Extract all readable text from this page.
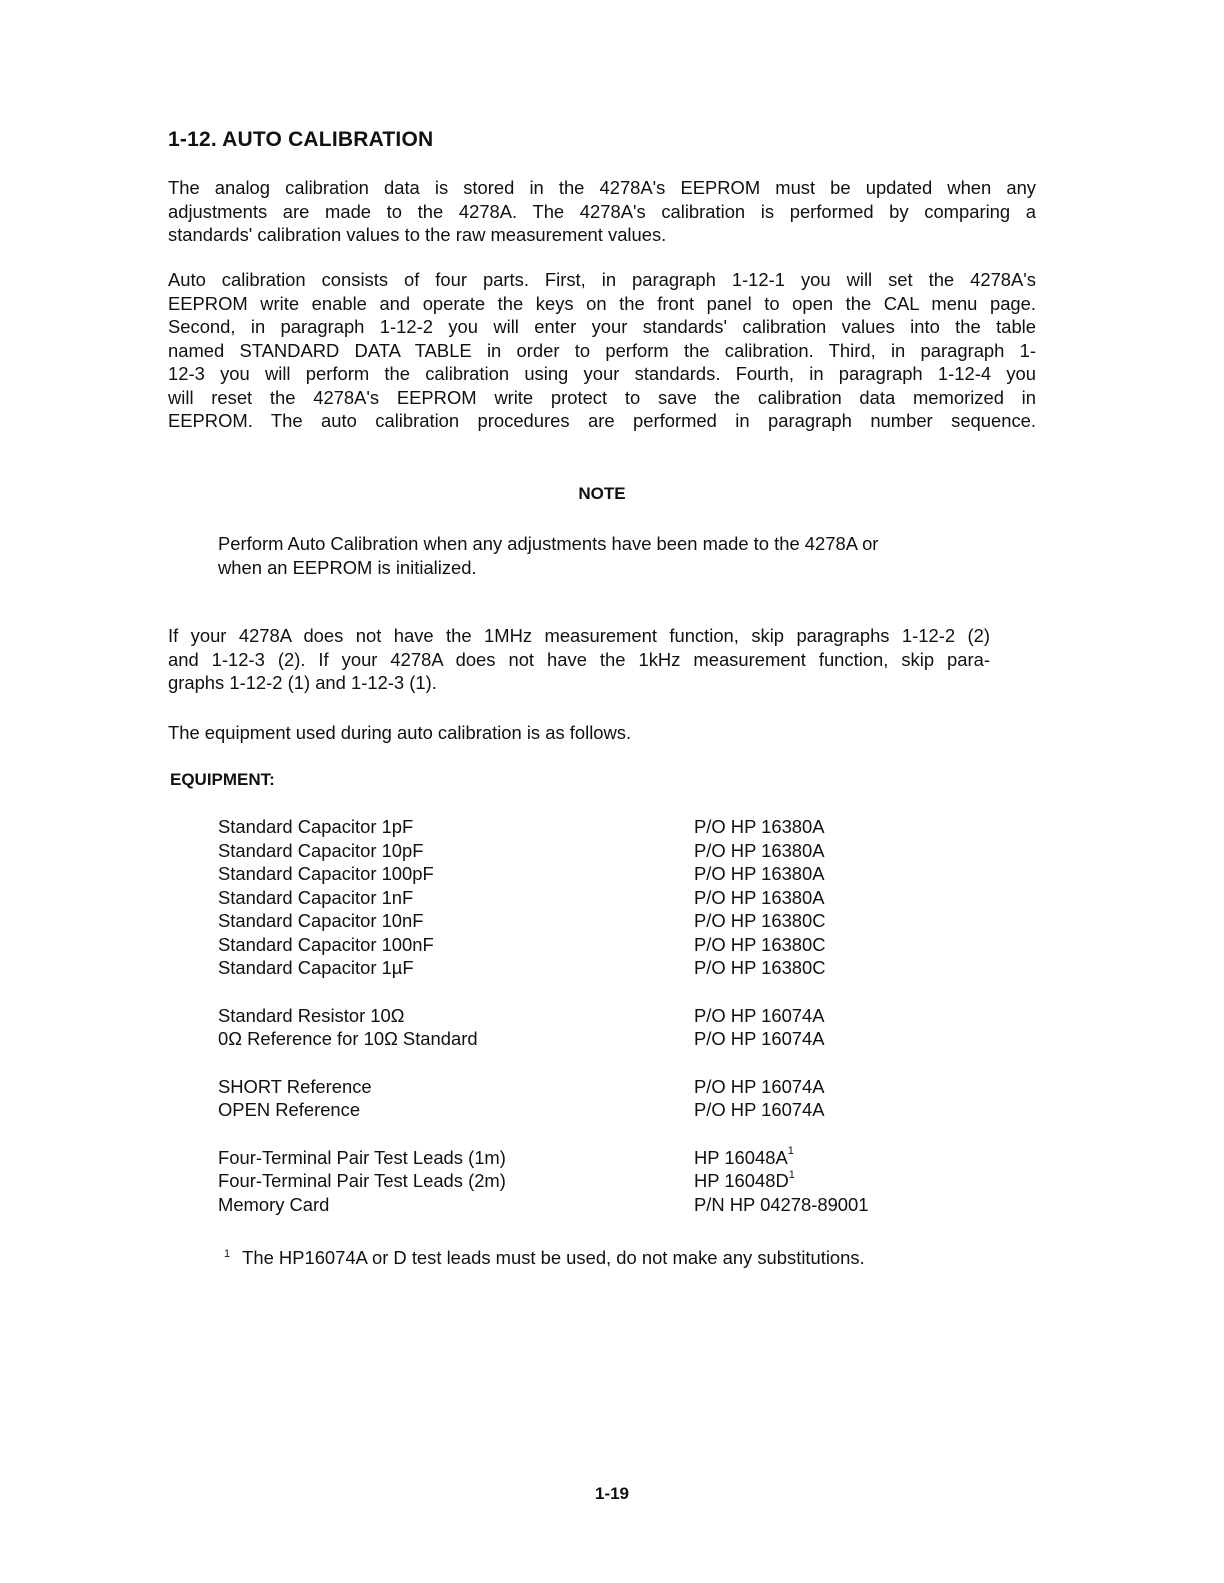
1-12. AUTO CALIBRATION

The analog calibration data is stored in the 4278A's EEPROM must be updated when any
adjustments are made to the 4278A. The 4278A's calibration is performed by comparing a
standards' calibration values to the raw measurement values.

Auto calibration consists of four parts. First, in paragraph 1-12-1 you will set the 4278A's
EEPROM write enable and operate the keys on the front panel to open the CAL menu page.
Second, in paragraph 1-12-2 you will enter your standards' calibration values into the table
named STANDARD DATA TABLE in order to perform the calibration. Third, in paragraph 1-
12-3 you will perform the calibration using your standards. Fourth, in paragraph 1-12-4 you
will reset the 4278A's EEPROM write protect to save the calibration data memorized in
EEPROM. The auto calibration procedures are performed in paragraph number sequence.

NOTE

Perform Auto Calibration when any adjustments have been made to the 4278A or
when an EEPROM is initialized.

If your 4278A does not have the 1MHz measurement function, skip paragraphs 1-12-2 (2)
and 1-12-3 (2). If your 4278A does not have the 1kHz measurement function, skip para-
graphs 1-12-2 (1) and 1-12-3 (1).

The equipment used during auto calibration is as follows.

EQUIPMENT:
Standard Capacitor 1pF	P/O HP 16380A
Standard Capacitor 10pF	P/O HP 16380A
Standard Capacitor 100pF	P/O HP 16380A
Standard Capacitor 1nF	P/O HP 16380A
Standard Capacitor 10nF	P/O HP 16380C
Standard Capacitor 100nF	P/O HP 16380C
Standard Capacitor 1µF	P/O HP 16380C
Standard Resistor 10Ω	P/O HP 16074A
0Ω Reference for 10Ω Standard	P/O HP 16074A
SHORT Reference	P/O HP 16074A
OPEN Reference	P/O HP 16074A
Four-Terminal Pair Test Leads (1m)	HP $16048A^1$
Four-Terminal Pair Test Leads (2m)	HP $16048D^1$
Memory Card	P/N HP 04278-89001

$^1$ The HP16074A or D test leads must be used, do not make any substitutions.

1-19
